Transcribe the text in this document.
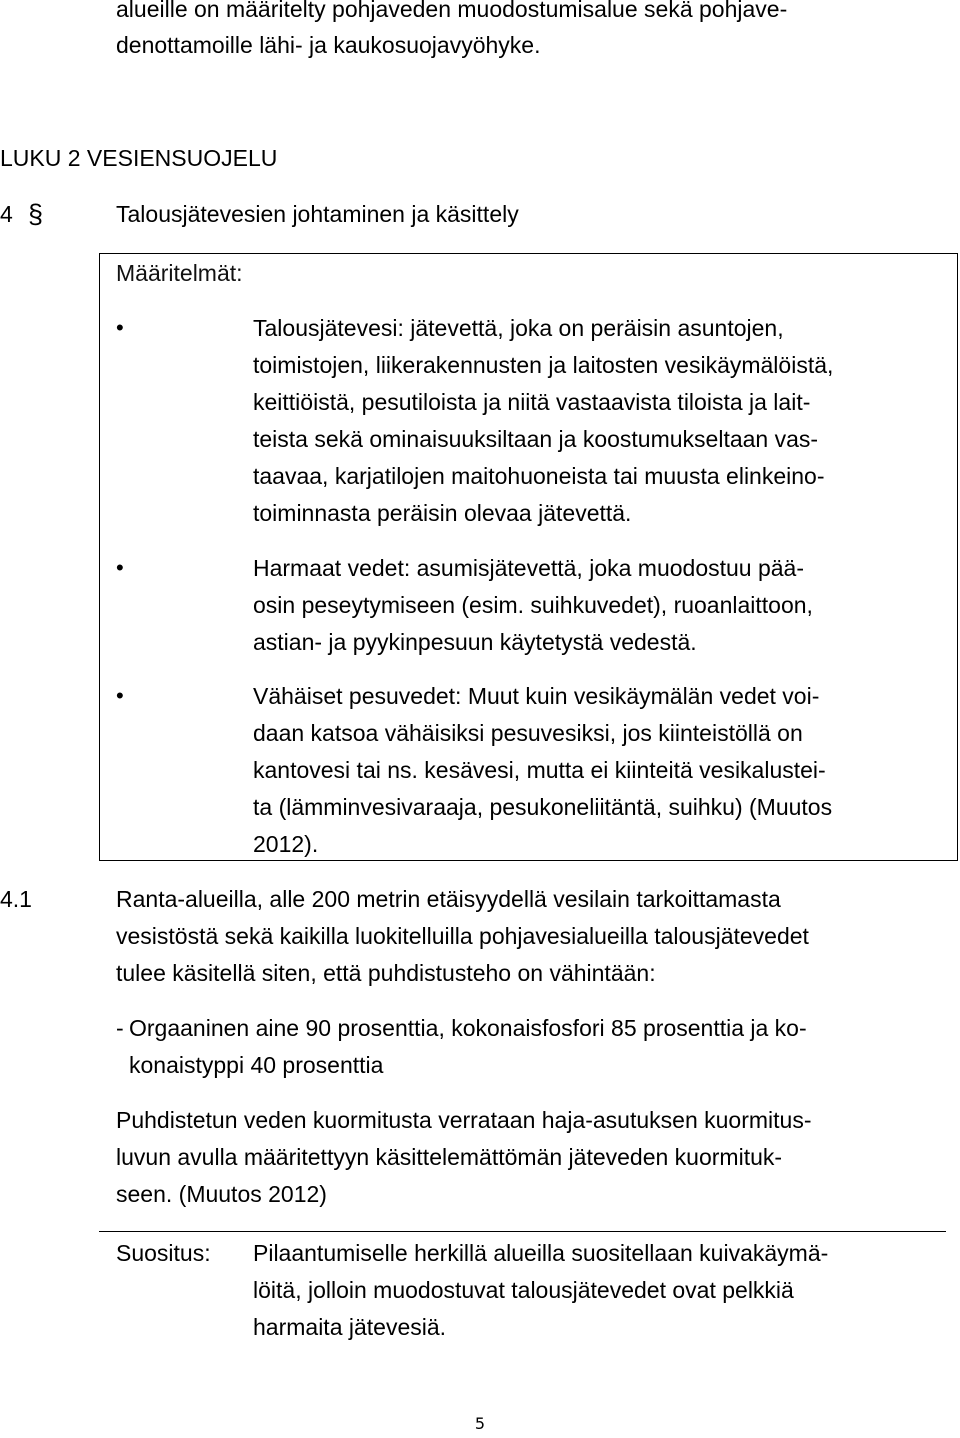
alueille on määritelty pohjaveden muodostumisalue sekä pohjave-
denottamoille lähi- ja kaukosuojavyöhyke.
LUKU 2 VESIENSUOJELU
4 §	Talousjätevesien johtaminen ja käsittely
Määritelmät:
•	Talousjätevesi: jätevettä, joka on peräisin asuntojen,
toimistojen, liikerakennusten ja laitosten vesikäymälöistä,
keittiöistä, pesutiloista ja niitä vastaavista tiloista ja lait-
teista sekä ominaisuuksiltaan ja koostumukseltaan vas-
taavaa, karjatilojen maitohuoneista tai muusta elinkeino-
toiminnasta peräisin olevaa jätevettä.
•	Harmaat vedet: asumisjätevettä, joka muodostuu pää-
osin peseytymiseen (esim. suihkuvedet), ruoanlaittoon,
astian- ja pyykinpesuun käytetystä vedestä.
•	Vähäiset pesuvedet: Muut kuin vesikäymälän vedet voi-
daan katsoa vähäisiksi pesuvesiksi, jos kiinteistöllä on
kantovesi tai ns. kesävesi, mutta ei kiinteitä vesikalustei-
ta (lämminvesivaraaja, pesukoneliitäntä, suihku) (Muutos
2012).
4.1	Ranta-alueilla, alle 200 metrin etäisyydellä vesilain tarkoittamasta
vesistöstä sekä kaikilla luokitelluilla pohjavesialueilla talousjätevedet
tulee käsitellä siten, että puhdistusteho on vähintään:
- Orgaaninen aine 90 prosenttia, kokonaisfosfori 85 prosenttia ja ko-
konaistyppi 40 prosenttia
Puhdistetun veden kuormitusta verrataan haja-asutuksen kuormitus-
luvun avulla määritettyyn käsittelemättömän jäteveden kuormituk-
seen. (Muutos 2012)
Suositus: Pilaantumiselle herkillä alueilla suositellaan kuivakäymä-
löitä, jolloin muodostuvat talousjätevedet ovat pelkkiä
harmaita jätevesiä.
5
